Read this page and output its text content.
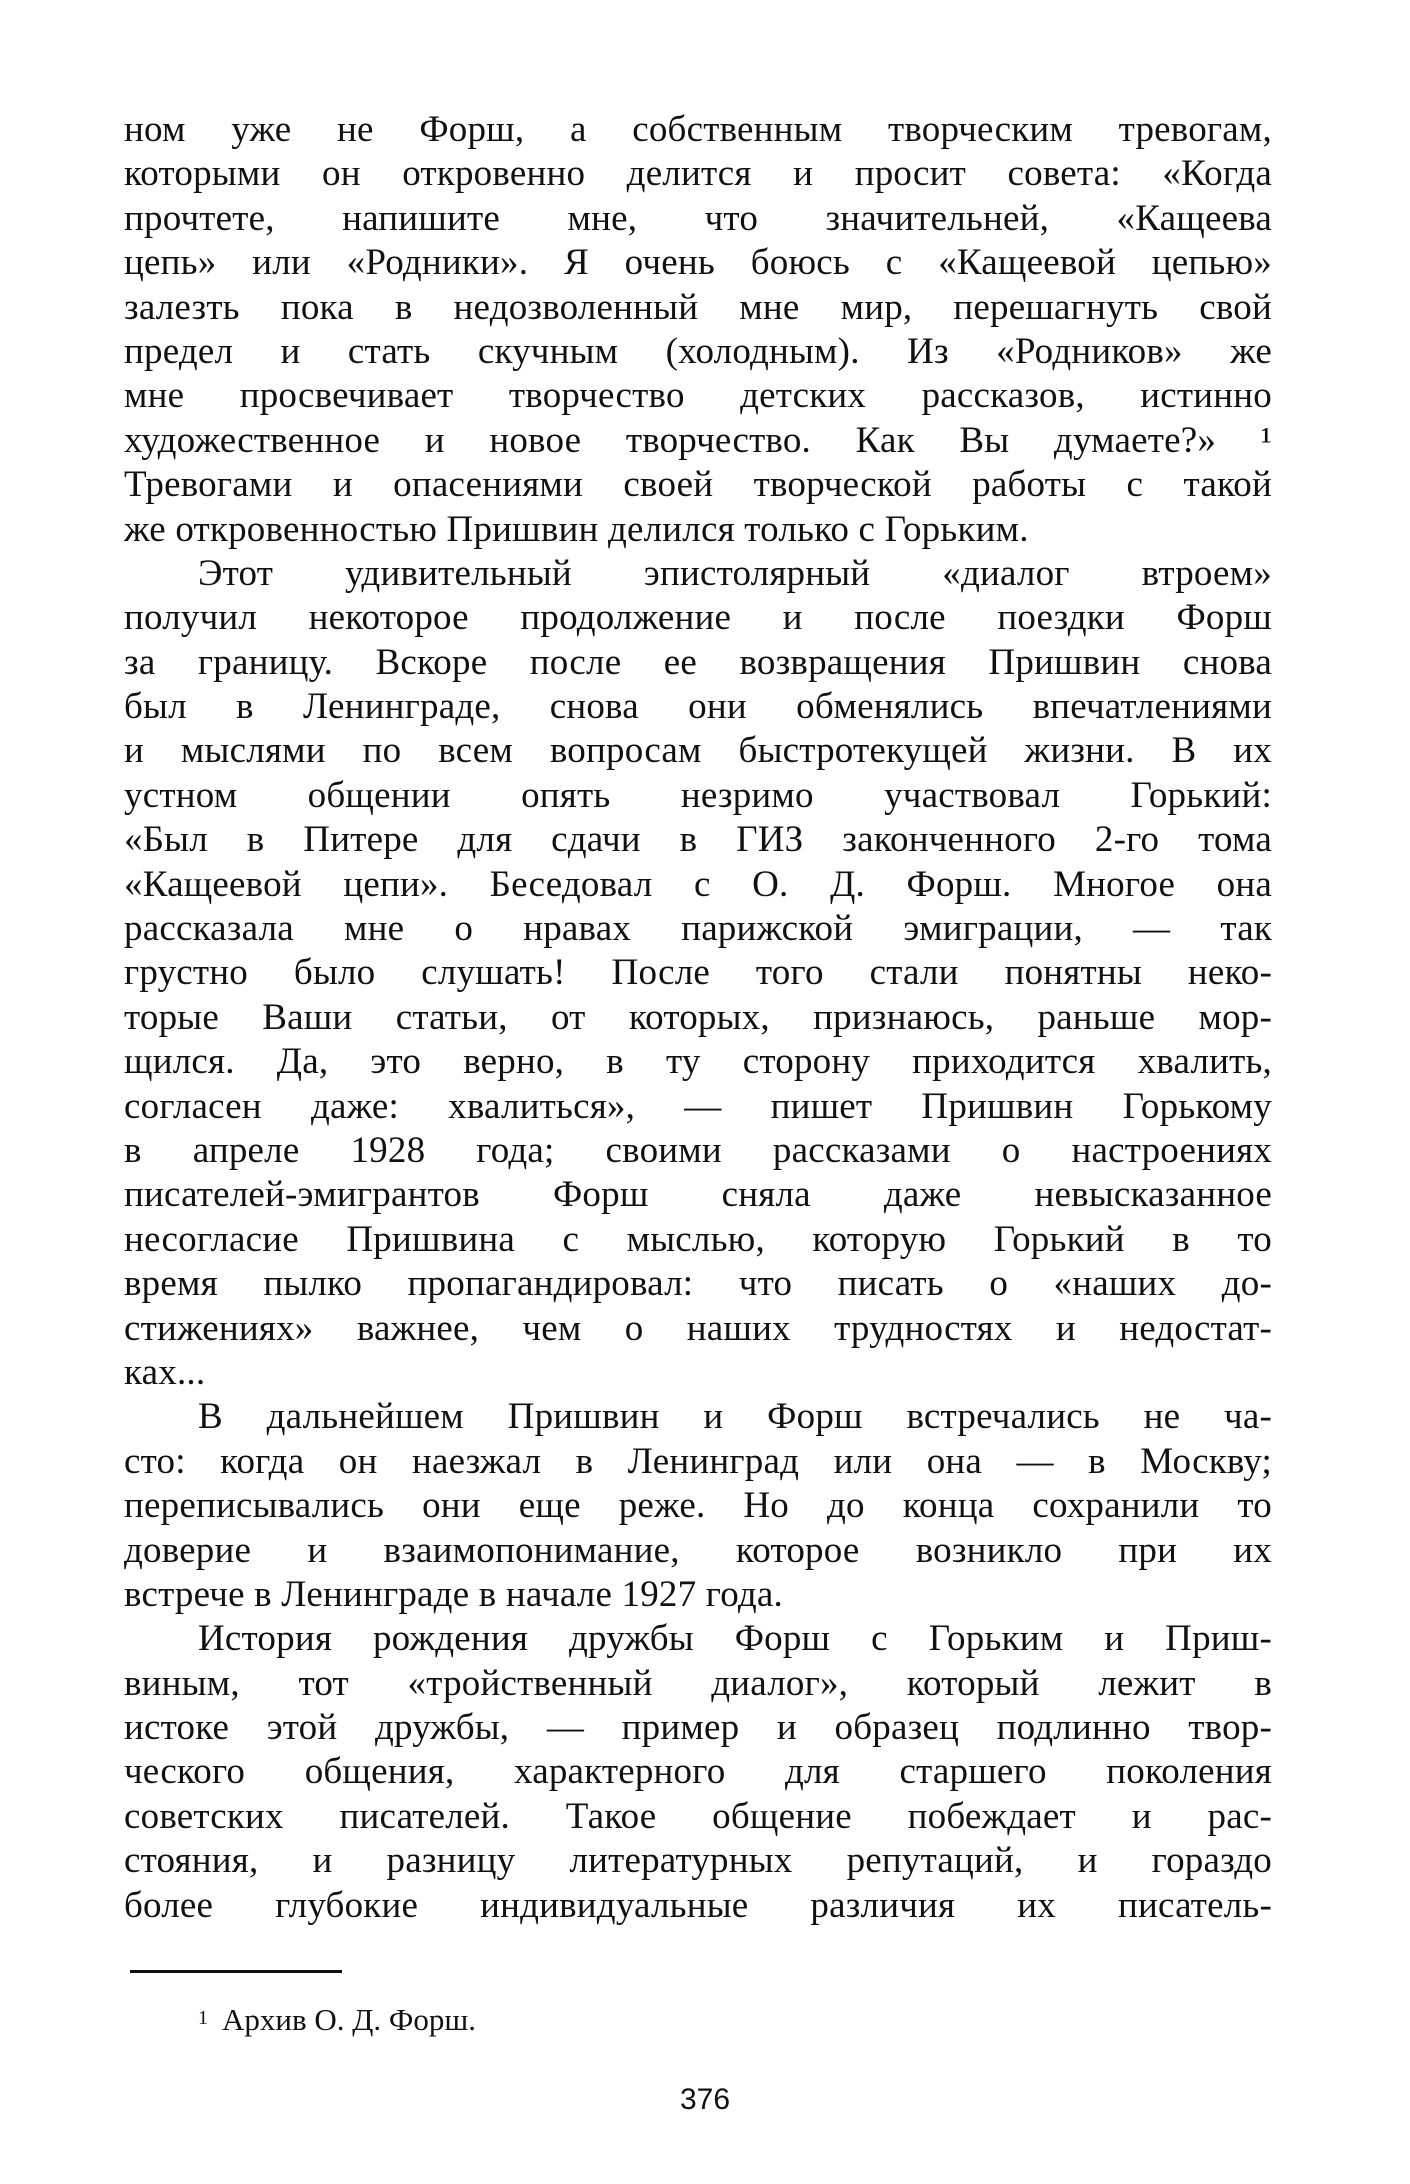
ном уже не Форш, а собственным творческим тревогам,
которыми он откровенно делится и просит совета: «Когда
прочтете, напишите мне, что значительней, «Кащеева
цепь» или «Родники». Я очень боюсь с «Кащеевой цепью»
залезть пока в недозволенный мне мир, перешагнуть свой
предел и стать скучным (холодным). Из «Родников» же
мне просвечивает творчество детских рассказов, истинно
художественное и новое творчество. Как Вы думаете?» ¹
Тревогами и опасениями своей творческой работы с такой
же откровенностью Пришвин делился только с Горьким.
Этот удивительный эпистолярный «диалог втроем»
получил некоторое продолжение и после поездки Форш
за границу. Вскоре после ее возвращения Пришвин снова
был в Ленинграде, снова они обменялись впечатлениями
и мыслями по всем вопросам быстротекущей жизни. В их
устном общении опять незримо участвовал Горький:
«Был в Питере для сдачи в ГИЗ законченного 2-го тома
«Кащеевой цепи». Беседовал с О. Д. Форш. Многое она
рассказала мне о нравах парижской эмиграции, — так
грустно было слушать! После того стали понятны неко-
торые Ваши статьи, от которых, признаюсь, раньше мор-
щился. Да, это верно, в ту сторону приходится хвалить,
согласен даже: хвалиться», — пишет Пришвин Горькому
в апреле 1928 года; своими рассказами о настроениях
писателей-эмигрантов Форш сняла даже невысказанное
несогласие Пришвина с мыслью, которую Горький в то
время пылко пропагандировал: что писать о «наших до-
стижениях» важнее, чем о наших трудностях и недостат-
ках...
В дальнейшем Пришвин и Форш встречались не ча-
сто: когда он наезжал в Ленинград или она — в Москву;
переписывались они еще реже. Но до конца сохранили то
доверие и взаимопонимание, которое возникло при их
встрече в Ленинграде в начале 1927 года.
История рождения дружбы Форш с Горьким и Приш-
виным, тот «тройственный диалог», который лежит в
истоке этой дружбы, — пример и образец подлинно твор-
ческого общения, характерного для старшего поколения
советских писателей. Такое общение побеждает и рас-
стояния, и разницу литературных репутаций, и гораздо
более глубокие индивидуальные различия их писатель-
$^1$ Архив О. Д. Форш.
376
